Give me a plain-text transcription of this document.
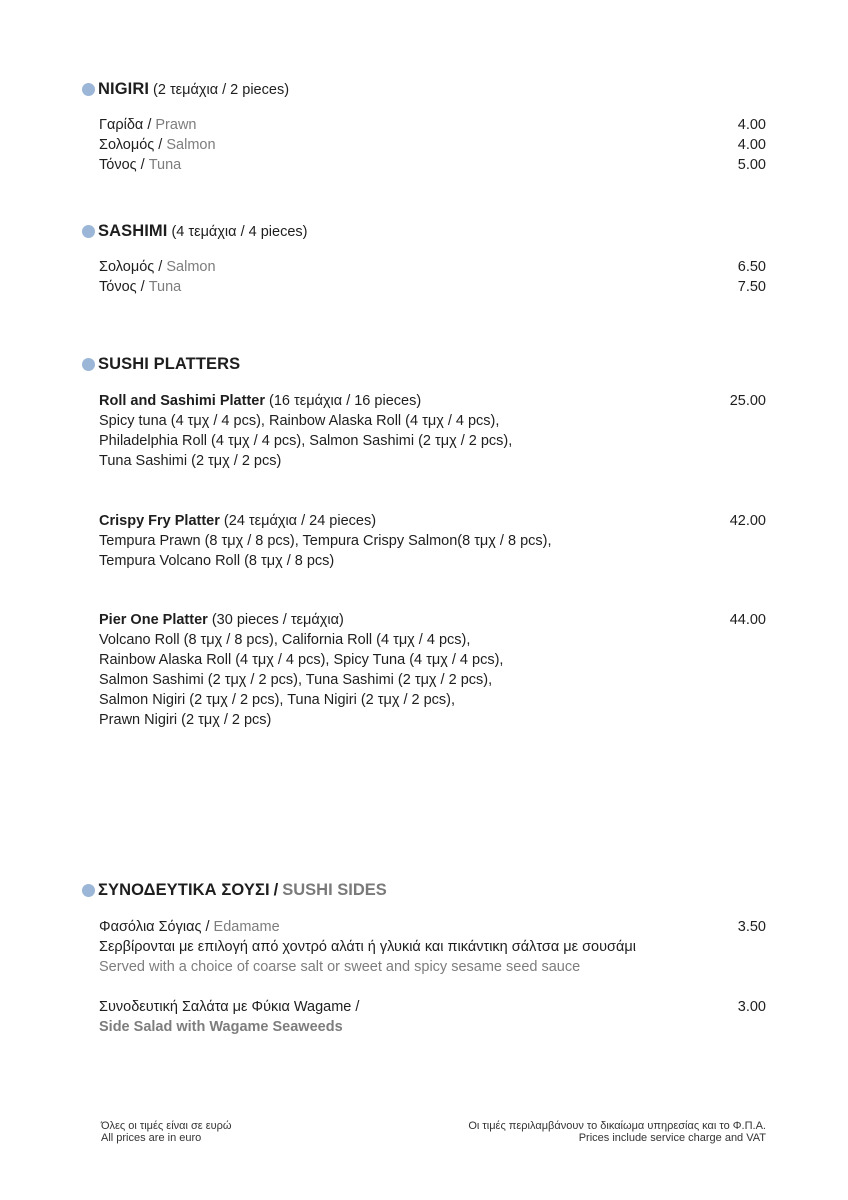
NIGIRI (2 τεμάχια / 2 pieces)
Γαρίδα / Prawn	4.00
Σολομός / Salmon	4.00
Τόνος / Tuna	5.00
SASHIMI (4 τεμάχια / 4 pieces)
Σολομός / Salmon	6.50
Τόνος / Tuna	7.50
SUSHI PLATTERS
Roll and Sashimi Platter (16 τεμάχια / 16 pieces)	25.00
Spicy tuna (4 τμχ / 4 pcs), Rainbow Alaska Roll (4 τμχ / 4 pcs),
Philadelphia Roll (4 τμχ / 4 pcs), Salmon Sashimi (2 τμχ / 2 pcs),
Tuna Sashimi (2 τμχ / 2 pcs)
Crispy Fry Platter (24 τεμάχια / 24 pieces)	42.00
Tempura Prawn (8 τμχ / 8 pcs), Tempura Crispy Salmon(8 τμχ / 8 pcs),
Tempura Volcano Roll (8 τμχ / 8 pcs)
Pier One Platter (30 pieces / τεμάχια)	44.00
Volcano Roll (8 τμχ / 8 pcs), California Roll (4 τμχ / 4 pcs),
Rainbow Alaska Roll (4 τμχ / 4 pcs), Spicy Tuna (4 τμχ / 4 pcs),
Salmon Sashimi (2 τμχ / 2 pcs), Tuna Sashimi (2 τμχ / 2 pcs),
Salmon Nigiri (2 τμχ / 2 pcs), Tuna Nigiri (2 τμχ / 2 pcs),
Prawn Nigiri (2 τμχ / 2 pcs)
ΣΥΝΟΔΕΥΤΙΚΑ ΣΟΥΣΙ / SUSHI SIDES
Φασόλια Σόγιας / Edamame	3.50
Σερβίρονται με επιλογή από χοντρό αλάτι ή γλυκιά και πικάντικη σάλτσα με σουσάμι
Served with a choice of coarse salt or sweet and spicy sesame seed sauce
Συνοδευτική Σαλάτα με Φύκια Wagame /	3.00
Side Salad with Wagame Seaweeds
Όλες οι τιμές είναι σε ευρώ
All prices are in euro
Οι τιμές περιλαμβάνουν το δικαίωμα υπηρεσίας και το Φ.Π.Α.
Prices include service charge and VAT
